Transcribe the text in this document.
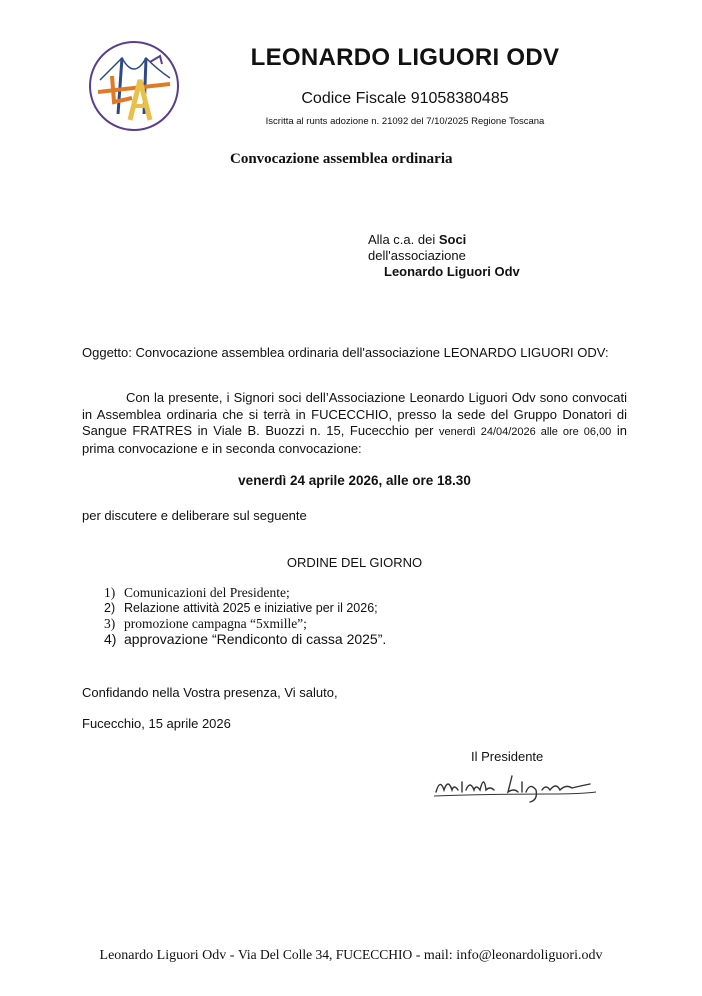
LEONARDO LIGUORI ODV
Codice Fiscale 91058380485
Iscritta al runts adozione n. 21092 del 7/10/2025 Regione Toscana
Convocazione assemblea ordinaria
Alla c.a. dei Soci
dell'associazione
Leonardo Liguori Odv
Oggetto: Convocazione assemblea ordinaria dell'associazione LEONARDO LIGUORI ODV:
Con la presente, i Signori soci dell’Associazione Leonardo Liguori Odv sono convocati in Assemblea ordinaria che si terrà in FUCECCHIO, presso la sede del Gruppo Donatori di Sangue FRATRES in Viale B. Buozzi n. 15, Fucecchio per venerdì 24/04/2026 alle ore 06,00 in prima convocazione e in seconda convocazione:
venerdì 24 aprile 2026, alle ore 18.30
per discutere e deliberare sul seguente
ORDINE DEL GIORNO
1) Comunicazioni del Presidente;
2) Relazione attività 2025 e iniziative per il 2026;
3) promozione campagna “5xmille”;
4) approvazione “Rendiconto di cassa 2025”.
Confidando nella Vostra presenza, Vi saluto,
Fucecchio, 15 aprile 2026
Il Presidente
Leonardo Liguori Odv - Via Del Colle 34, FUCECCHIO - mail: info@leonardoliguori.odv
